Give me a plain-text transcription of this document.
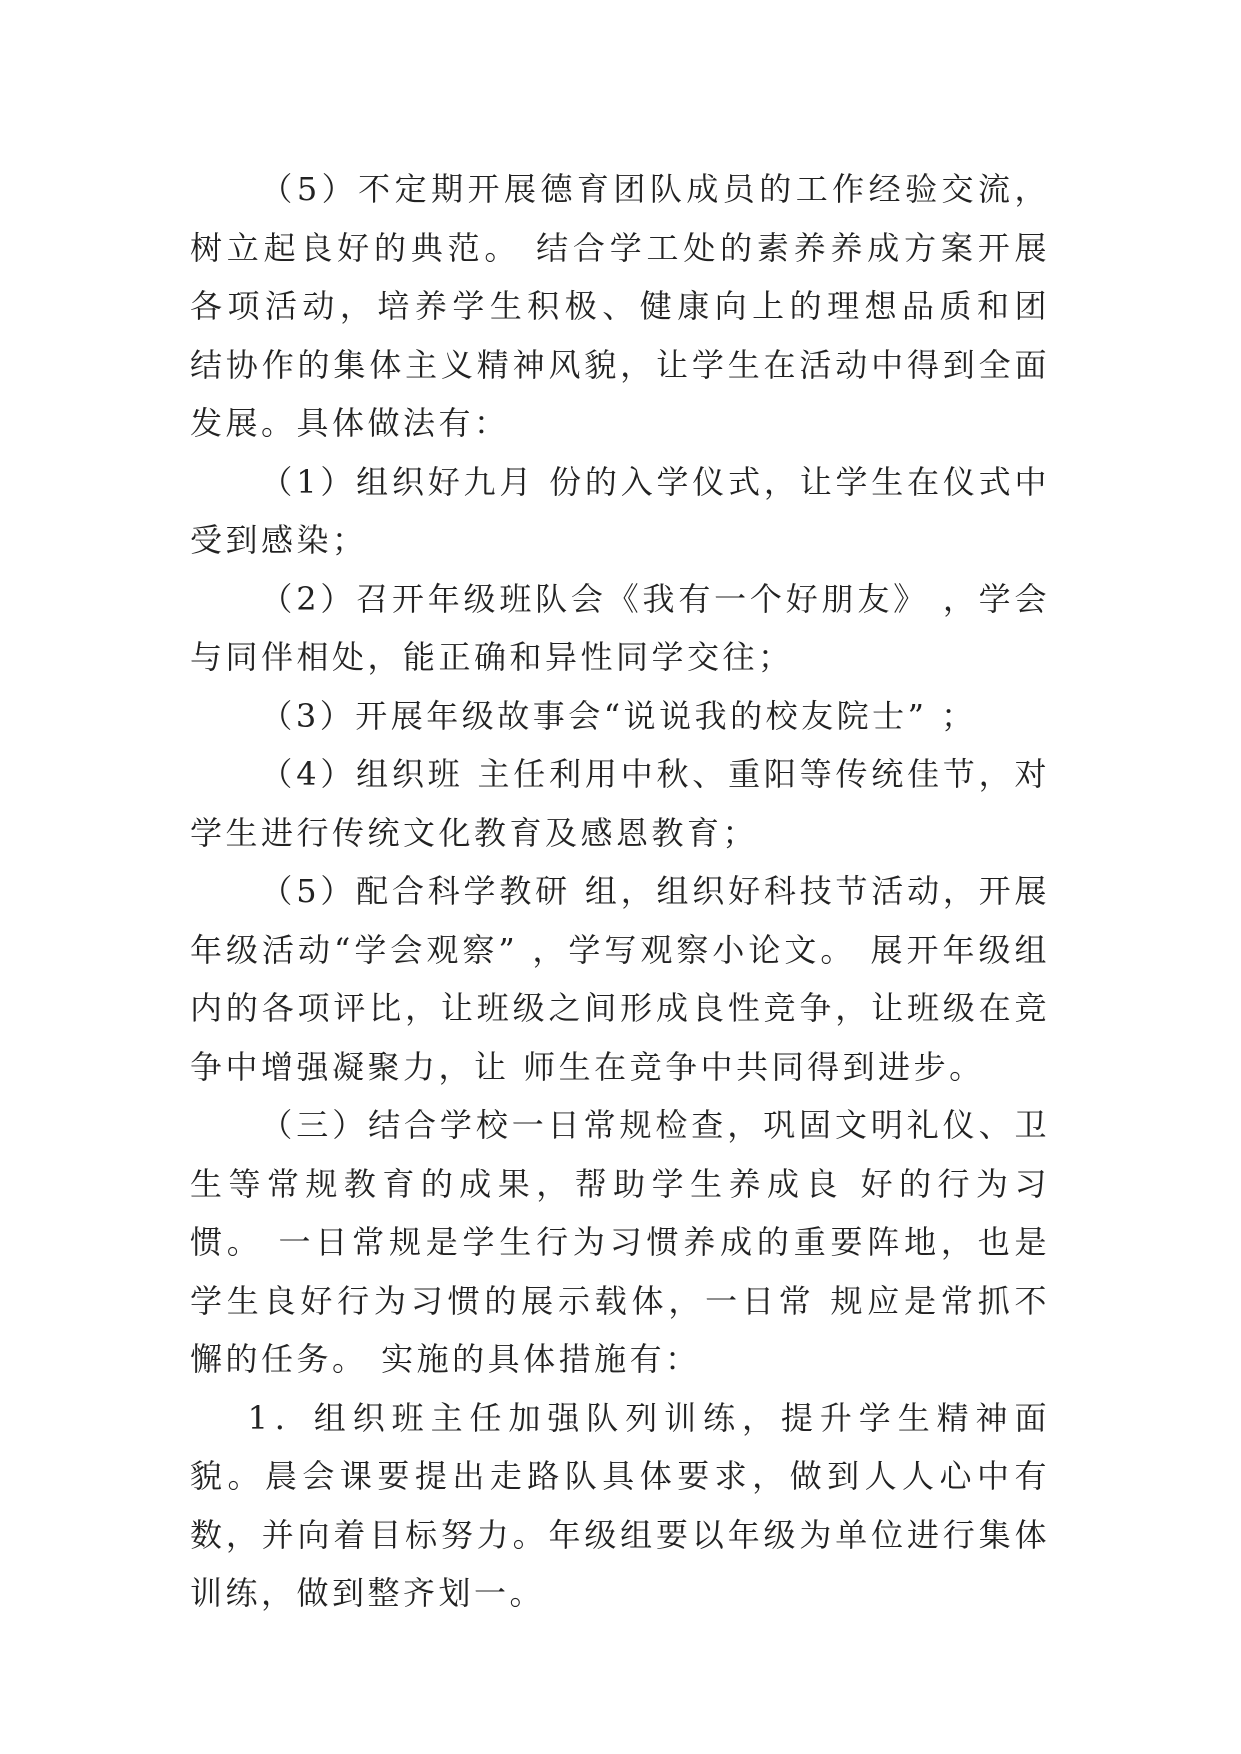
（5）不定期开展德育团队成员的工作经验交流，树立起良好的典范。 结合学工处的素养养成方案开展各项活动，培养学生积极、健康向上的理想品质和团 结协作的集体主义精神风貌，让学生在活动中得到全面发展。具体做法有：

（1）组织好九月 份的入学仪式，让学生在仪式中受到感染；

（2）召开年级班队会《我有一个好朋友》 ，学会与同伴相处，能正确和异性同学交往；

（3）开展年级故事会“说说我的校友院士” ；

（4）组织班 主任利用中秋、重阳等传统佳节，对学生进行传统文化教育及感恩教育；

（5）配合科学教研 组，组织好科技节活动，开展年级活动“学会观察” ，学写观察小论文。 展开年级组内的各项评比，让班级之间形成良性竞争，让班级在竞争中增强凝聚力，让 师生在竞争中共同得到进步。

（三）结合学校一日常规检查，巩固文明礼仪、卫生等常规教育的成果，帮助学生养成良 好的行为习惯。 一日常规是学生行为习惯养成的重要阵地，也是学生良好行为习惯的展示载体，一日常 规应是常抓不懈的任务。 实施的具体措施有：

1．组织班主任加强队列训练，提升学生精神面貌。晨会课要提出走路队具体要求，做到人人心中有数，并向着目标努力。年级组要以年级为单位进行集体训练，做到整齐划一。
